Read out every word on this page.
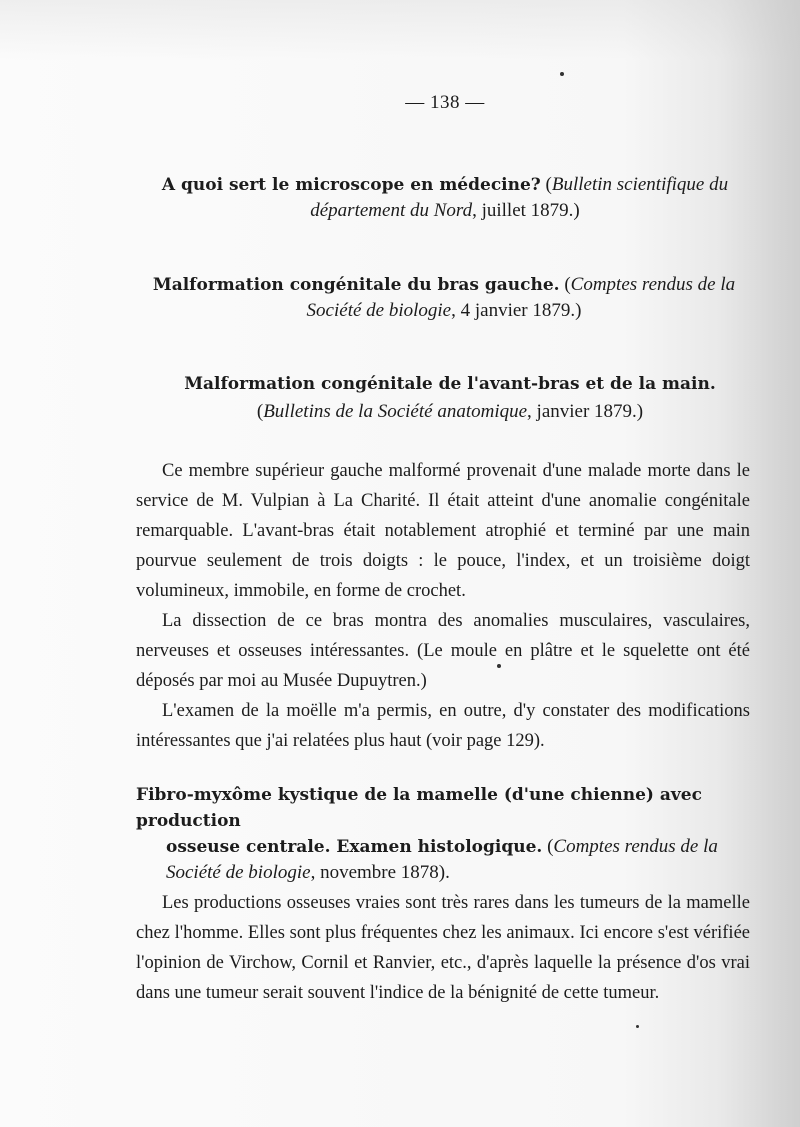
— 138 —
A quoi sert le microscope en médecine? (Bulletin scientifique du département du Nord, juillet 1879.)
Malformation congénitale du bras gauche. (Comptes rendus de la Société de biologie, 4 janvier 1879.)
Malformation congénitale de l'avant-bras et de la main.
(Bulletins de la Société anatomique, janvier 1879.)

Ce membre supérieur gauche malformé provenait d'une malade morte dans le service de M. Vulpian à La Charité. Il était atteint d'une anomalie congénitale remarquable. L'avant-bras était notablement atrophié et terminé par une main pourvue seulement de trois doigts : le pouce, l'index, et un troisième doigt volumineux, immobile, en forme de crochet.

La dissection de ce bras montra des anomalies musculaires, vasculaires, nerveuses et osseuses intéressantes. (Le moule en plâtre et le squelette ont été déposés par moi au Musée Dupuytren.)

L'examen de la moëlle m'a permis, en outre, d'y constater des modifications intéressantes que j'ai relatées plus haut (voir page 129).

Fibro-myxôme kystique de la mamelle (d'une chienne) avec production
osseuse centrale. Examen histologique. (Comptes rendus de la Société de biologie, novembre 1878).

Les productions osseuses vraies sont très rares dans les tumeurs de la mamelle chez l'homme. Elles sont plus fréquentes chez les animaux. Ici encore s'est vérifiée l'opinion de Virchow, Cornil et Ranvier, etc., d'après laquelle la présence d'os vrai dans une tumeur serait souvent l'indice de la bénignité de cette tumeur.
